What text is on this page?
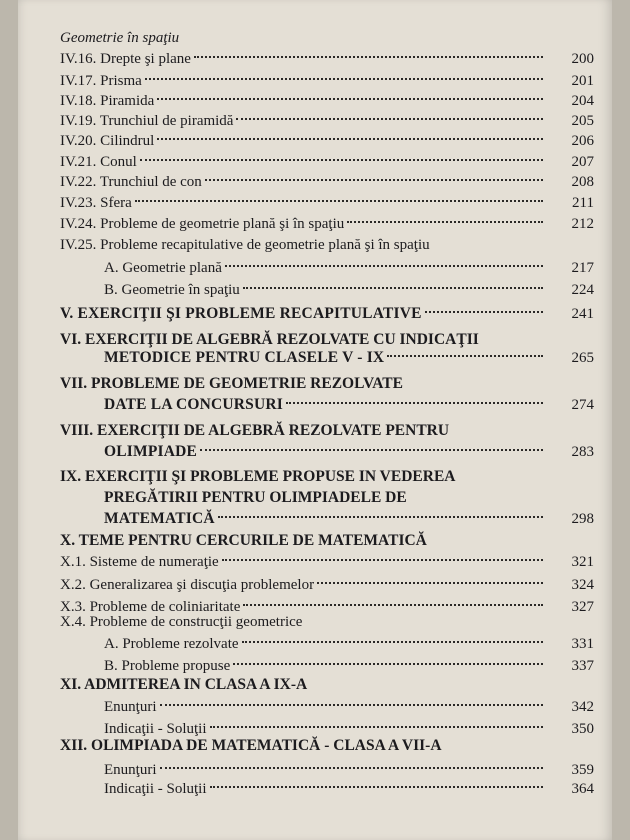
Geometrie în spaţiu
IV.16. Drepte şi plane	200
IV.17. Prisma	201
IV.18. Piramida	204
IV.19. Trunchiul de piramidă	205
IV.20. Cilindrul	206
IV.21. Conul	207
IV.22. Trunchiul de con	208
IV.23. Sfera	211
IV.24. Probleme de geometrie plană şi în spaţiu	212
IV.25. Probleme recapitulative de geometrie plană şi în spaţiu
A. Geometrie plană	217
B. Geometrie în spaţiu	224
V. EXERCIŢII ŞI PROBLEME RECAPITULATIVE	241
VI. EXERCIŢII DE ALGEBRĂ REZOLVATE CU INDICAŢII
METODICE PENTRU CLASELE V - IX	265
VII. PROBLEME DE GEOMETRIE REZOLVATE
DATE LA CONCURSURI	274
VIII. EXERCIŢII DE ALGEBRĂ REZOLVATE PENTRU
OLIMPIADE	283
IX. EXERCIŢII ŞI PROBLEME PROPUSE IN VEDEREA
PREGĂTIRII PENTRU OLIMPIADELE DE
MATEMATICĂ	298
X. TEME PENTRU CERCURILE DE MATEMATICĂ
X.1. Sisteme de numeraţie	321
X.2. Generalizarea şi discuţia problemelor	324
X.3. Probleme de coliniaritate	327
X.4. Probleme de construcţii geometrice
A. Probleme rezolvate	331
B. Probleme propuse	337
XI. ADMITEREA IN CLASA A IX-A
Enunţuri	342
Indicaţii - Soluţii	350
XII. OLIMPIADA DE MATEMATICĂ - CLASA A VII-A
Enunţuri	359
Indicaţii - Soluţii	364
